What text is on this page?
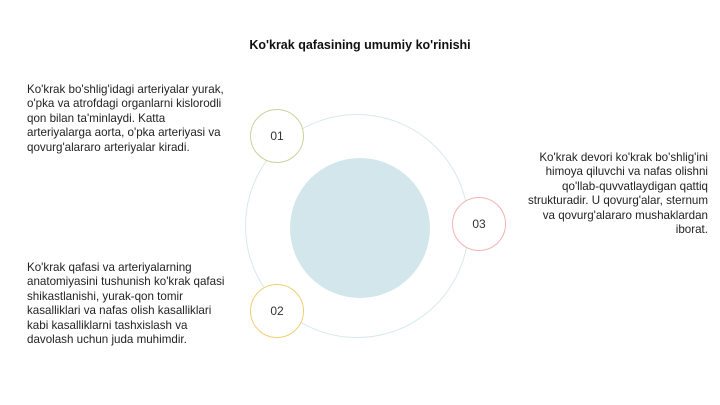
Ko'krak qafasining umumiy ko'rinishi
Ko'krak bo'shlig'idagi arteriyalar yurak, o'pka va atrofdagi organlarni kislorodli qon bilan ta'minlaydi. Katta arteriyalarga aorta, o'pka arteriyasi va qovurg'alararo arteriyalar kiradi.
Ko'krak qafasi va arteriyalarning anatomiyasini tushunish ko'krak qafasi shikastlanishi, yurak-qon tomir kasalliklari va nafas olish kasalliklari kabi kasalliklarni tashxislash va davolash uchun juda muhimdir.
Ko'krak devori ko'krak bo'shlig'ini himoya qiluvchi va nafas olishni qo'llab-quvvatlaydigan qattiq strukturadir. U qovurg'alar, sternum va qovurg'alararo mushaklardan iborat.
01
02
03
